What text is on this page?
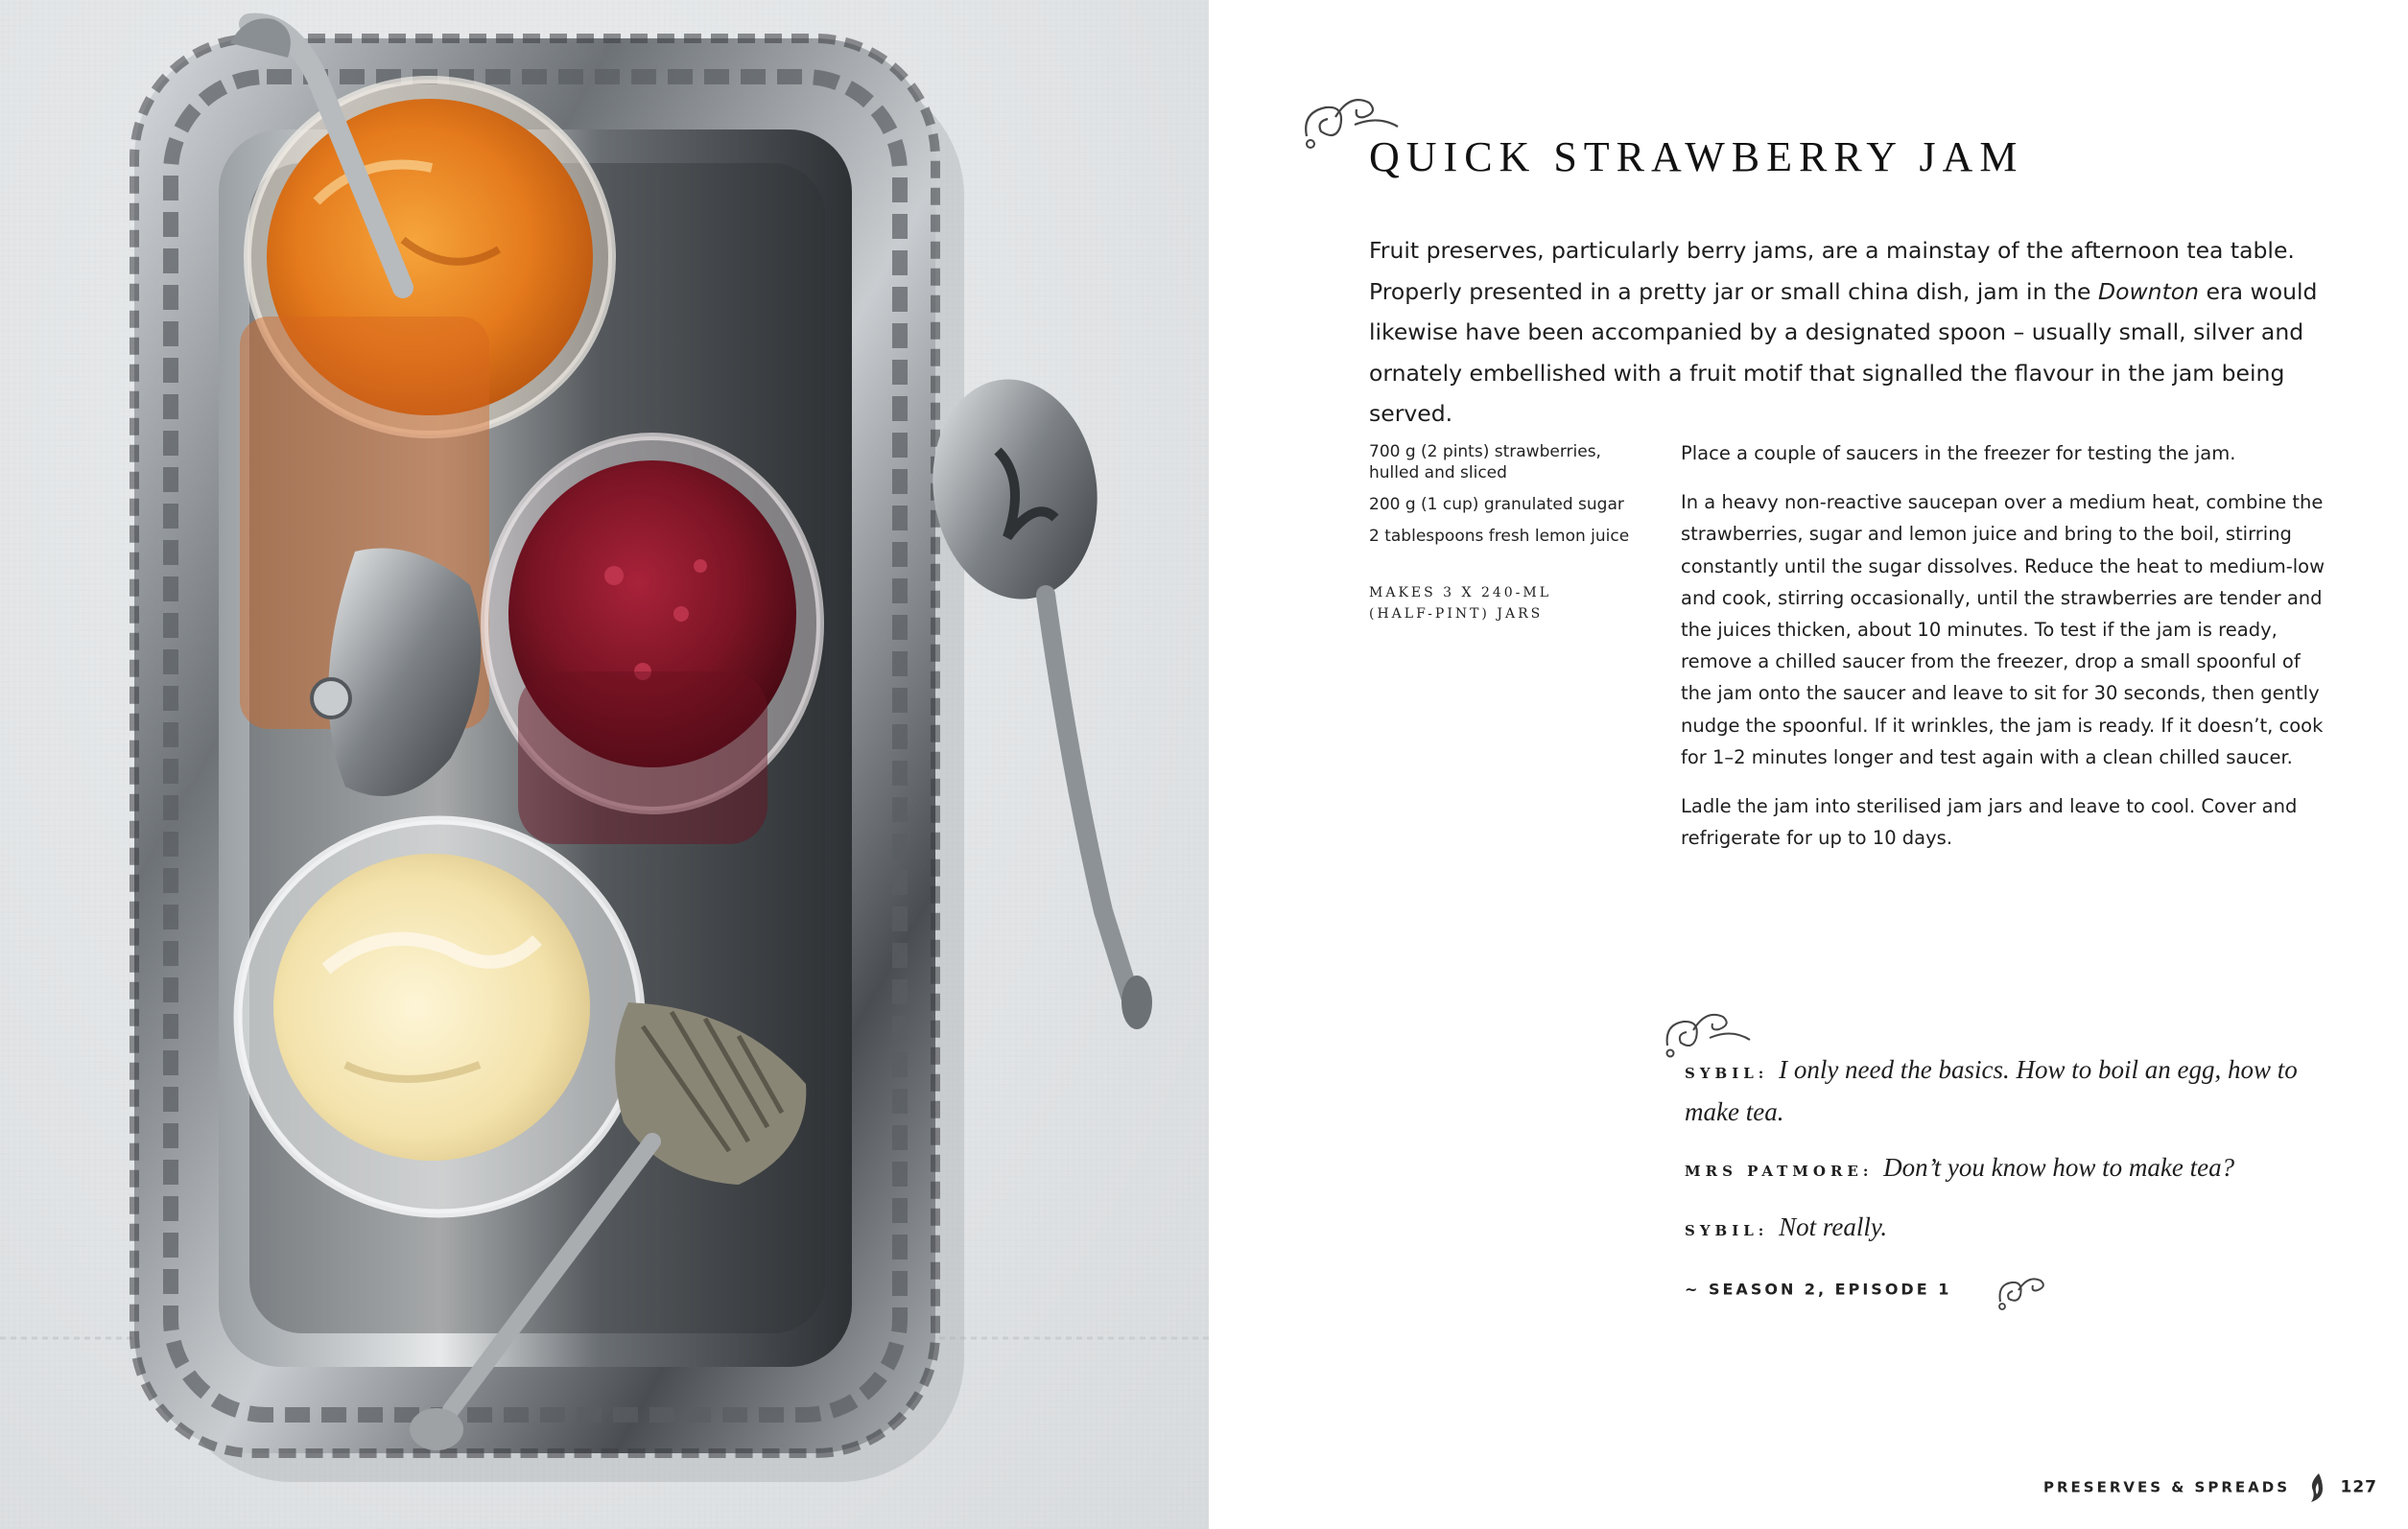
QUICK STRAWBERRY JAM

Fruit preserves, particularly berry jams, are a mainstay of the afternoon tea table. Properly presented in a pretty jar or small china dish, jam in the Downton era would likewise have been accompanied by a designated spoon – usually small, silver and ornately embellished with a fruit motif that signalled the flavour in the jam being served.

700 g (2 pints) strawberries, hulled and sliced
200 g (1 cup) granulated sugar
2 tablespoons fresh lemon juice
MAKES 3 X 240-ML (HALF-PINT) JARS

Place a couple of saucers in the freezer for testing the jam.

In a heavy non-reactive saucepan over a medium heat, combine the strawberries, sugar and lemon juice and bring to the boil, stirring constantly until the sugar dissolves. Reduce the heat to medium-low and cook, stirring occasionally, until the strawberries are tender and the juices thicken, about 10 minutes. To test if the jam is ready, remove a chilled saucer from the freezer, drop a small spoonful of the jam onto the saucer and leave to sit for 30 seconds, then gently nudge the spoonful. If it wrinkles, the jam is ready. If it doesn’t, cook for 1–2 minutes longer and test again with a clean chilled saucer.

Ladle the jam into sterilised jam jars and leave to cool. Cover and refrigerate for up to 10 days.

SYBIL: I only need the basics. How to boil an egg, how to make tea.
MRS PATMORE: Don’t you know how to make tea?
SYBIL: Not really.
~ SEASON 2, EPISODE 1
PRESERVES & SPREADS	127
